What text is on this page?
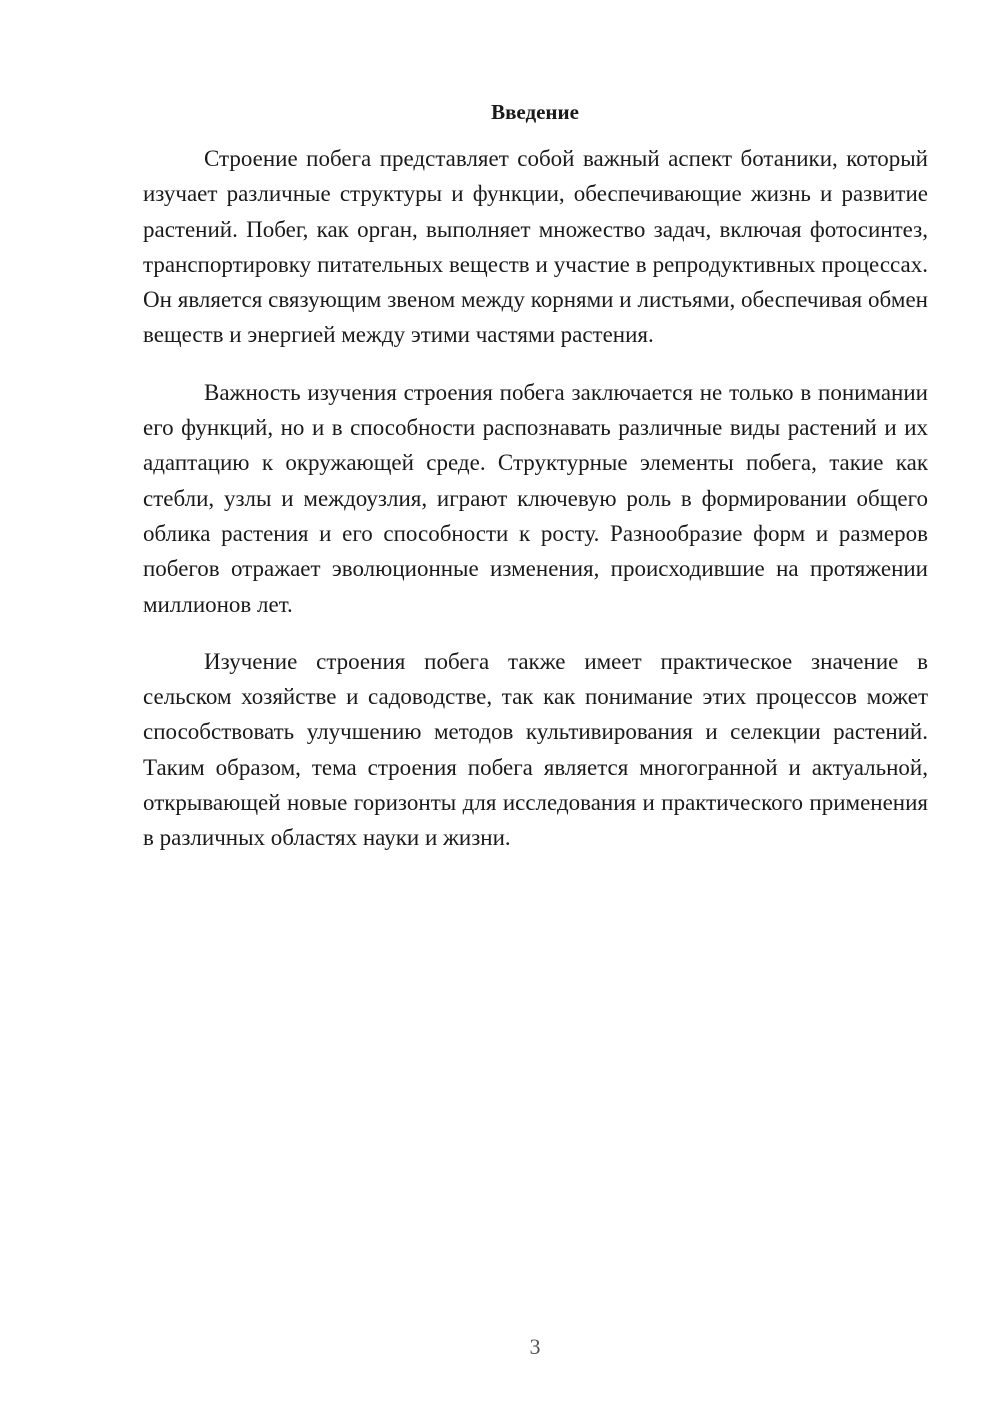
Введение

Строение побега представляет собой важный аспект ботаники, который изучает различные структуры и функции, обеспечивающие жизнь и развитие растений. Побег, как орган, выполняет множество задач, включая фотосинтез, транспортировку питательных веществ и участие в репродуктивных процессах. Он является связующим звеном между корнями и листьями, обеспечивая обмен веществ и энергией между этими частями растения.

Важность изучения строения побега заключается не только в понимании его функций, но и в способности распознавать различные виды растений и их адаптацию к окружающей среде. Структурные элементы побега, такие как стебли, узлы и междоузлия, играют ключевую роль в формировании общего облика растения и его способности к росту. Разнообразие форм и размеров побегов отражает эволюционные изменения, происходившие на протяжении миллионов лет.

Изучение строения побега также имеет практическое значение в сельском хозяйстве и садоводстве, так как понимание этих процессов может способствовать улучшению методов культивирования и селекции растений. Таким образом, тема строения побега является многогранной и актуальной, открывающей новые горизонты для исследования и практического применения в различных областях науки и жизни.

3
